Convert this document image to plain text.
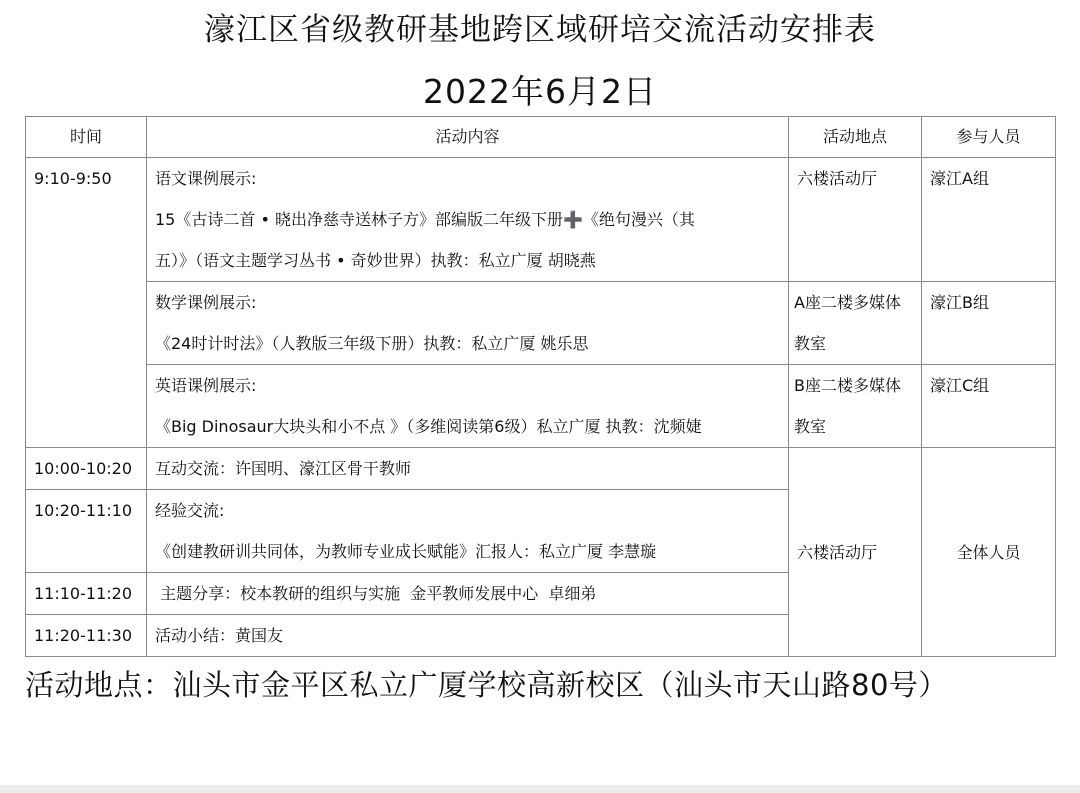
濠江区省级教研基地跨区域研培交流活动安排表
2022年6月2日
时间	活动内容	活动地点	参与人员

9:10-9:50	语文课例展示:
15《古诗二首 • 晓出净慈寺送林子方》部编版二年级下册➕《绝句漫兴（其
五）》（语文主题学习丛书 • 奇妙世界）执教：私立广厦 胡晓燕	六楼活动厅	濠江A组

	数学课例展示:
《24时计时法》（人教版三年级下册）执教：私立广厦 姚乐思	A座二楼多媒体
教室	濠江B组

	英语课例展示:
《Big Dinosaur大块头和小不点 》（多维阅读第6级）私立广厦 执教：沈频婕	B座二楼多媒体
教室	濠江C组

10:00-10:20	互动交流：许国明、濠江区骨干教师	六楼活动厅	全体人员

10:20-11:10	经验交流:
《创建教研训共同体，为教师专业成长赋能》汇报人：私立广厦 李慧璇		

11:10-11:20	主题分享：校本教研的组织与实施  金平教师发展中心  卓细弟		

11:20-11:30	活动小结：黄国友		
活动地点：汕头市金平区私立广厦学校高新校区（汕头市天山路80号）
